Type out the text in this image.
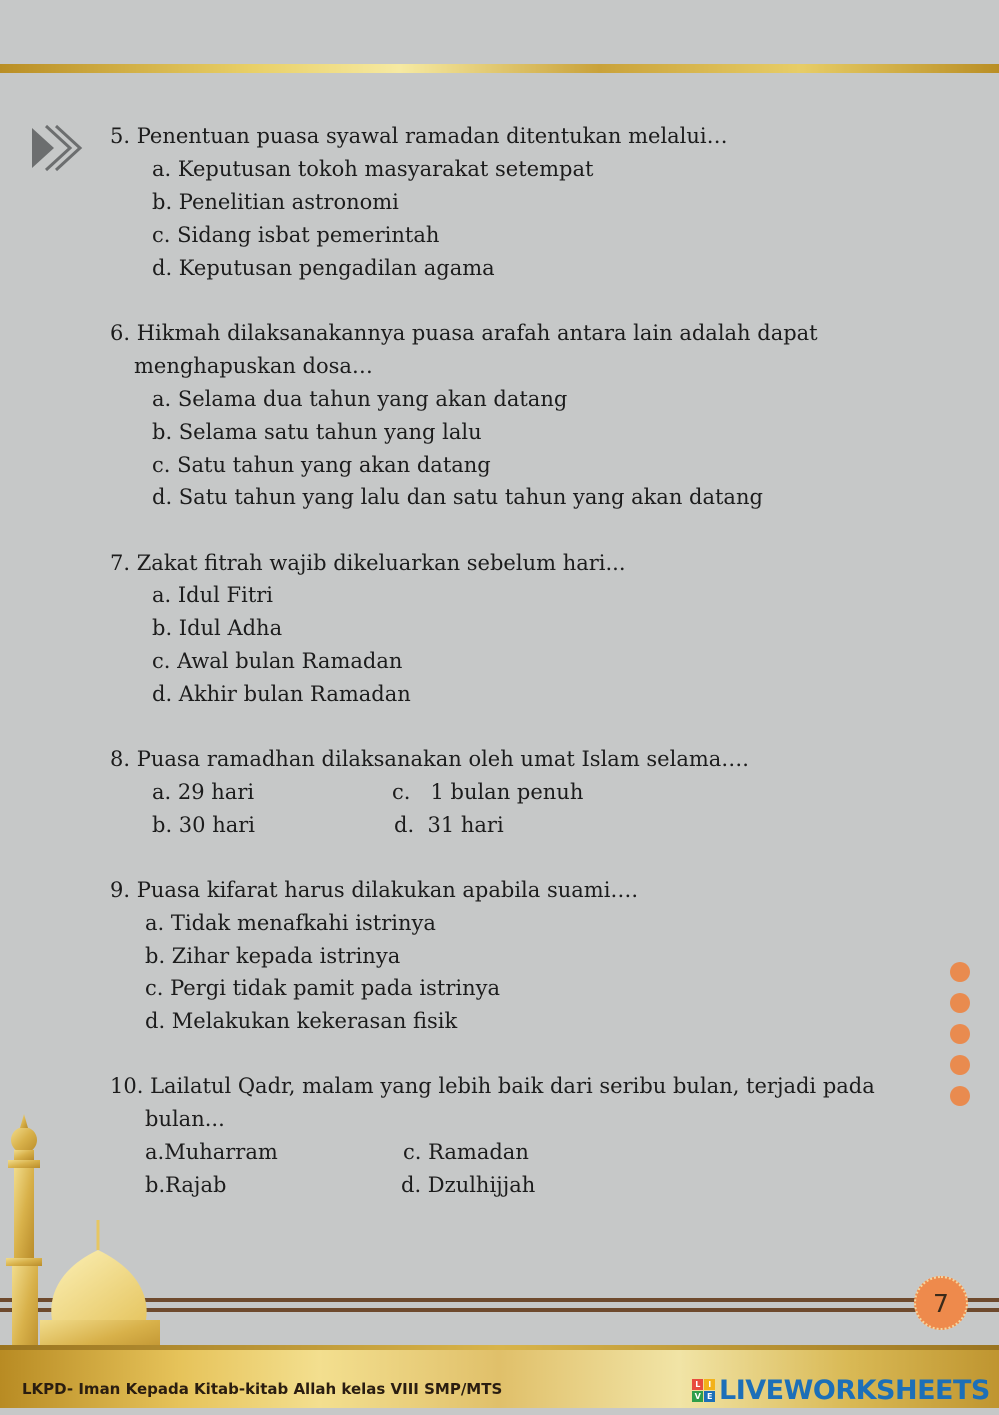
5. Penentuan puasa syawal ramadan ditentukan melalui…
a. Keputusan tokoh masyarakat setempat
b. Penelitian astronomi
c. Sidang isbat pemerintah
d. Keputusan pengadilan agama
6. Hikmah dilaksanakannya puasa arafah antara lain adalah dapat
menghapuskan dosa…
a. Selama dua tahun yang akan datang
b. Selama satu tahun yang lalu
c. Satu tahun yang akan datang
d. Satu tahun yang lalu dan satu tahun yang akan datang
7. Zakat fitrah wajib dikeluarkan sebelum hari...
a. Idul Fitri
b. Idul Adha
c. Awal bulan Ramadan
d. Akhir bulan Ramadan
8. Puasa ramadhan dilaksanakan oleh umat Islam selama….
a. 29 hari	c.   1 bulan penuh
b. 30 hari	d.  31 hari
9. Puasa kifarat harus dilakukan apabila suami….
a. Tidak menafkahi istrinya
b. Zihar kepada istrinya
c. Pergi tidak pamit pada istrinya
d. Melakukan kekerasan fisik
10. Lailatul Qadr, malam yang lebih baik dari seribu bulan, terjadi pada
bulan...
a.Muharram	c. Ramadan
b.Rajab	d. Dzulhijjah
7
LKPD- Iman Kepada Kitab-kitab Allah kelas VIII SMP/MTS	L	I
V E LIVEWORKSHEETS
